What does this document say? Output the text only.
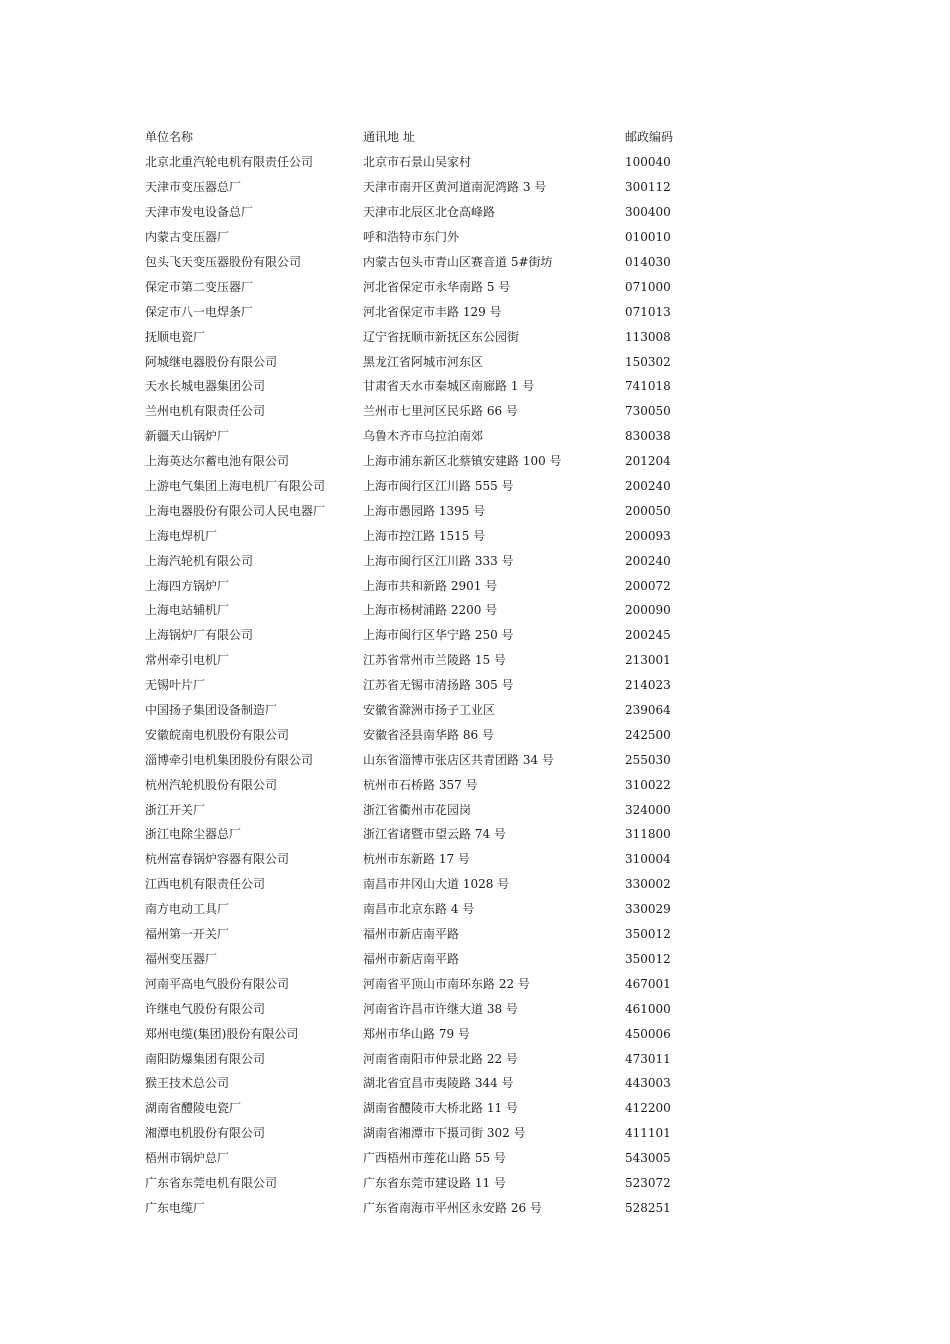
单位名称	通讯地 址	邮政编码
北京北重汽轮电机有限责任公司	北京市石景山吴家村	100040
天津市变压器总厂	天津市南开区黄河道南泥湾路 3 号	300112
天津市发电设备总厂	天津市北辰区北仓高峰路	300400
内蒙古变压器厂	呼和浩特市东门外	010010
包头飞天变压器股份有限公司	内蒙古包头市青山区赛音道 5#街坊	014030
保定市第二变压器厂	河北省保定市永华南路 5 号	071000
保定市八一电焊条厂	河北省保定市丰路 129 号	071013
抚顺电瓷厂	辽宁省抚顺市新抚区东公园街	113008
阿城继电器股份有限公司	黑龙江省阿城市河东区	150302
天水长城电器集团公司	甘肃省天水市秦城区南廊路 1 号	741018
兰州电机有限责任公司	兰州市七里河区民乐路 66 号	730050
新疆天山锅炉厂	乌鲁木齐市乌拉泊南郊	830038
上海英达尔蓄电池有限公司	上海市浦东新区北蔡镇安建路 100 号	201204
上游电气集团上海电机厂有限公司	上海市闽行区江川路 555 号	200240
上海电器股份有限公司人民电器厂	上海市愚园路 1395 号	200050
上海电焊机厂	上海市控江路 1515 号	200093
上海汽轮机有限公司	上海市闽行区江川路 333 号	200240
上海四方锅炉厂	上海市共和新路 2901 号	200072
上海电站辅机厂	上海市杨树浦路 2200 号	200090
上海锅炉厂有限公司	上海市闽行区华宁路 250 号	200245
常州牵引电机厂	江苏省常州市兰陵路 15 号	213001
无锡叶片厂	江苏省无锡市清扬路 305 号	214023
中国扬子集团设备制造厂	安徽省滁洲市扬子工业区	239064
安徽皖南电机股份有限公司	安徽省泾县南华路 86 号	242500
淄博牵引电机集团股份有限公司	山东省淄博市张店区共青团路 34 号	255030
杭州汽轮机股份有限公司	杭州市石桥路 357 号	310022
浙江开关厂	浙江省衢州市花园岗	324000
浙江电除尘器总厂	浙江省诸暨市望云路 74 号	311800
杭州富春锅炉容器有限公司	杭州市东新路 17 号	310004
江西电机有限责任公司	南昌市井冈山大道 1028 号	330002
南方电动工具厂	南昌市北京东路 4 号	330029
福州第一开关厂	福州市新店南平路	350012
福州变压器厂	福州市新店南平路	350012
河南平高电气股份有限公司	河南省平顶山市南环东路 22 号	467001
许继电气股份有限公司	河南省许昌市许继大道 38 号	461000
郑州电缆(集团)股份有限公司	郑州市华山路 79 号	450006
南阳防爆集团有限公司	河南省南阳市仲景北路 22 号	473011
猴王技术总公司	湖北省宜昌市夷陵路 344 号	443003
湖南省醴陵电瓷厂	湖南省醴陵市大桥北路 11 号	412200
湘潭电机股份有限公司	湖南省湘潭市下摄司街 302 号	411101
梧州市锅炉总厂	广西梧州市莲花山路 55 号	543005
广东省东莞电机有限公司	广东省东莞市建设路 11 号	523072
广东电缆厂	广东省南海市平州区永安路 26 号	528251
